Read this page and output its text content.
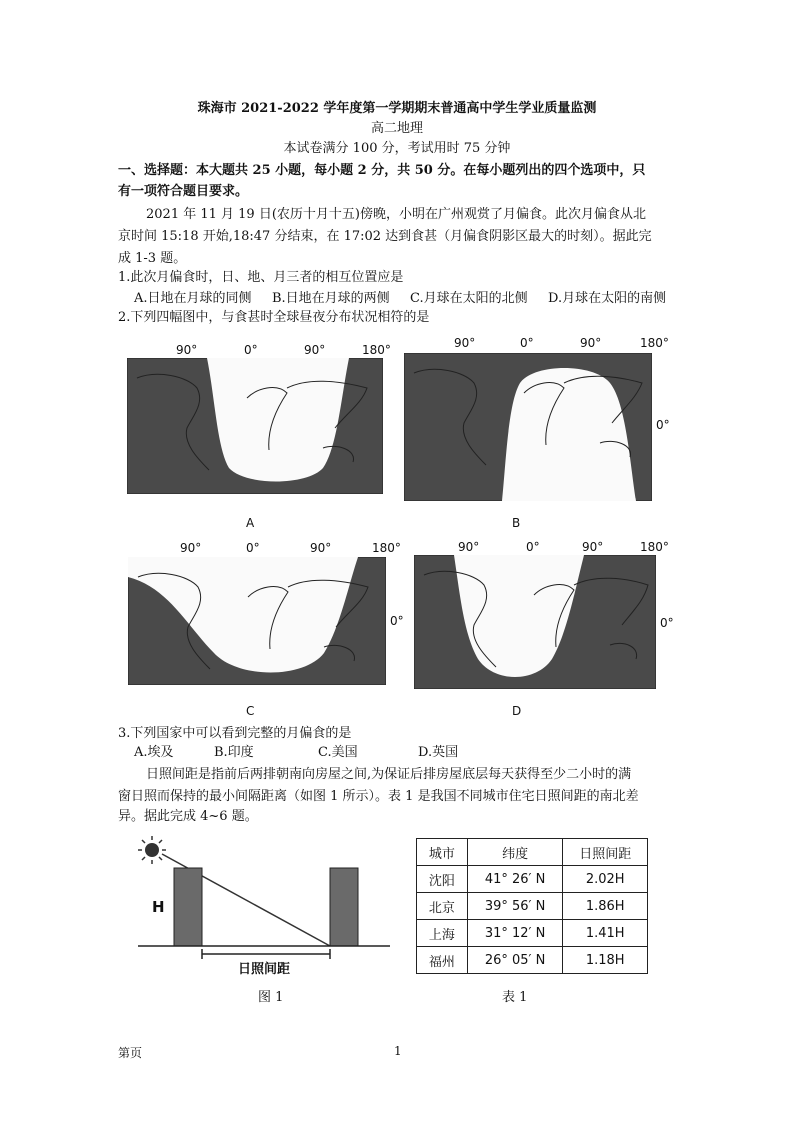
珠海市 2021-2022 学年度第一学期期末普通高中学生学业质量监测
高二地理
本试卷满分 100 分，考试用时 75 分钟
一、选择题：本大题共 25 小题，每小题 2 分，共 50 分。在每小题列出的四个选项中，只
有一项符合题目要求。
2021 年 11 月 19 日(农历十月十五)傍晚，小明在广州观赏了月偏食。此次月偏食从北
京时间 15:18 开始,18:47 分结束，在 17:02 达到食甚（月偏食阴影区最大的时刻）。据此完
成 1-3 题。
1.此次月偏食时，日、地、月三者的相互位置应是
A.日地在月球的同侧 B.日地在月球的两侧 C.月球在太阳的北侧 D.月球在太阳的南侧
2.下列四幅图中，与食甚时全球昼夜分布状况相符的是
90°	0°	90°	180°
A
90°	0°	90°	180°
0°
B
90°	0°	90°	180°
0°
C
90°	0°	90°	180°
0°
D
3.下列国家中可以看到完整的月偏食的是
A.埃及	B.印度	C.美国	D.英国
日照间距是指前后两排朝南向房屋之间,为保证后排房屋底层每天获得至少二小时的满
窗日照而保持的最小间隔距离（如图 1 所示）。表 1 是我国不同城市住宅日照间距的南北差
异。据此完成 4~6 题。
H
日照间距
图 1
城市	纬度	日照间距
沈阳	41° 26′ N	2.02H
北京	39° 56′ N	1.86H
上海	31° 12′ N	1.41H
福州	26° 05′ N	1.18H
表 1
第页	1
